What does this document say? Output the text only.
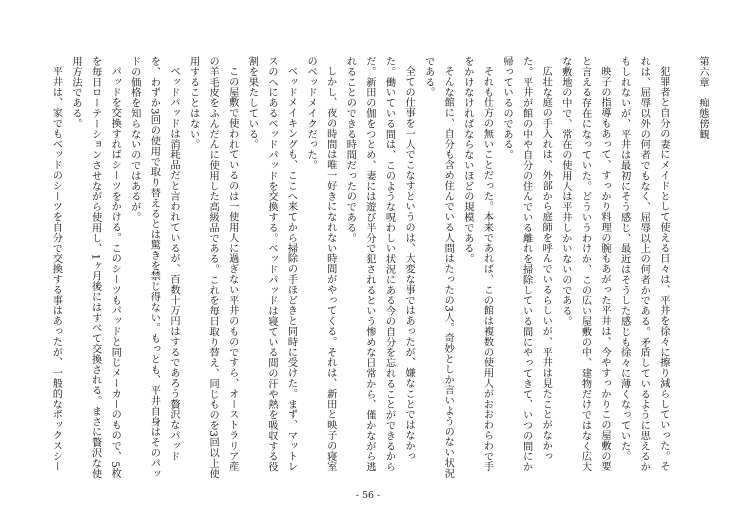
第六章　痴態傍観

犯罪者と自分の妻にメイドとして使える日々は、平井を徐々に擦り減らしていった。それは、屈辱以外の何者でもなく、屈辱以上の何者かである。矛盾しているように思えるかもしれないが、平井は最初にそう感じ、最近はそうした感じも徐々に薄くなっていた。

映子の指導もあって、すっかり料理の腕もあがった平井は、今やすっかりこの屋敷の要と言える存在になっていた。どういうわけか、この広い屋敷の中、建物だけではなく広大な敷地の中で、常在の使用人は平井しかいないのである。

広壮な庭の手入れは、外部から庭師を呼んでいるらしいが、平井は見たことがなかった。平井が館の中や自分の住んでいる離れを掃除している間にやってきて、いつの間にか帰っているのである。

それも仕方の無いことだった。本来であれば、この館は複数の使用人がおおわらわで手をかけなければならないほどの規模である。

そんな館に、自分も含め住んでいる人間はたったの3人。奇妙としか言いようのない状況である。

全ての仕事を一人でこなすというのは、大変な事ではあったが、嫌なことではなかった。働いている間は、このような呪わしい状況にある今の自分を忘れることができるからだ。新田の伽をつとめ、妻には遊び半分で犯されるという惨めな日常から、僅かながら逃れることのできる時間だったのである。

しかし、夜の時間は唯一好きになれない時間がやってくる。それは、新田と映子の寝室のベッドメイクだった。

ベッドメイキングも、ここへ来てから掃除の手ほどきと同時に受けた。まず、マットレスのへにあるベッドパッドを交換する。ベッドパッドは寝ている間の汗や熱を吸収する役割を果たしている。

この屋敷で使われているのは一使用人に過ぎない平井のものですら、オーストラリア産の羊毛皮をふんだんに使用した高級品である。これを毎日取り替え、同じものを3回以上使用することはない。

ベッドパッドは消耗品だと言われているが、百数十万円はするであろう贅沢なパッドを、わずか3回の使用で取り替えるとは驚きを禁じ得ない。もっとも、平井自身はそのパッドの価格を知らないのではあるが。

パッドを交換すればシーツをかける。このシーツもパッドと同じメーカーのもので、5枚を毎日ローテーションさせながら使用し、1ヶ月後にはすべて交換される。まさに贅沢な使用方法である。

平井は、家でもベッドのシーツを自分で交換する事はあったが、一般的なボックスシー

- 56 -
